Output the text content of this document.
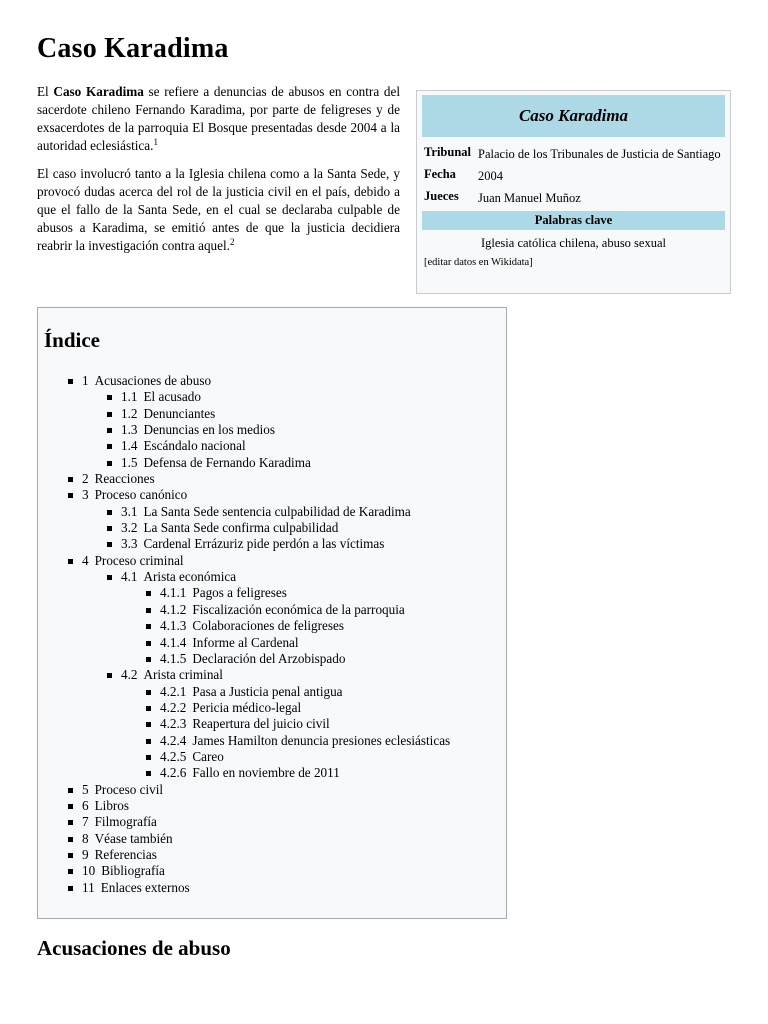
Caso Karadima

El Caso Karadima se refiere a denuncias de abusos en contra del sacerdote chileno Fernando Karadima, por parte de feligreses y de exsacerdotes de la parroquia El Bosque presentadas desde 2004 a la autoridad eclesiástica.$^1$

El caso involucró tanto a la Iglesia chilena como a la Santa Sede, y provocó dudas acerca del rol de la justicia civil en el país, debido a que el fallo de la Santa Sede, en el cual se declaraba culpable de abusos a Karadima, se emitió antes de que la justicia decidiera reabrir la investigación contra aquel.$^2$

Caso Karadima
Tribunal Palacio de los Tribunales de Justicia de Santiago
Fecha	2004
Jueces	Juan Manuel Muñoz
Palabras clave
Iglesia católica chilena, abuso sexual
[editar datos en Wikidata]
Índice
1 Acusaciones de abuso
1.1 El acusado
1.2 Denunciantes
1.3 Denuncias en los medios
1.4 Escándalo nacional
1.5 Defensa de Fernando Karadima
2 Reacciones
3 Proceso canónico
3.1 La Santa Sede sentencia culpabilidad de Karadima
3.2 La Santa Sede confirma culpabilidad
3.3 Cardenal Errázuriz pide perdón a las víctimas
4 Proceso criminal
4.1 Arista económica
4.1.1 Pagos a feligreses
4.1.2 Fiscalización económica de la parroquia
4.1.3 Colaboraciones de feligreses
4.1.4 Informe al Cardenal
4.1.5 Declaración del Arzobispado
4.2 Arista criminal
4.2.1 Pasa a Justicia penal antigua
4.2.2 Pericia médico-legal
4.2.3 Reapertura del juicio civil
4.2.4 James Hamilton denuncia presiones eclesiásticas
4.2.5 Careo
4.2.6 Fallo en noviembre de 2011
5 Proceso civil
6 Libros
7 Filmografía
8 Véase también
9 Referencias
10 Bibliografía
11 Enlaces externos
Acusaciones de abuso
